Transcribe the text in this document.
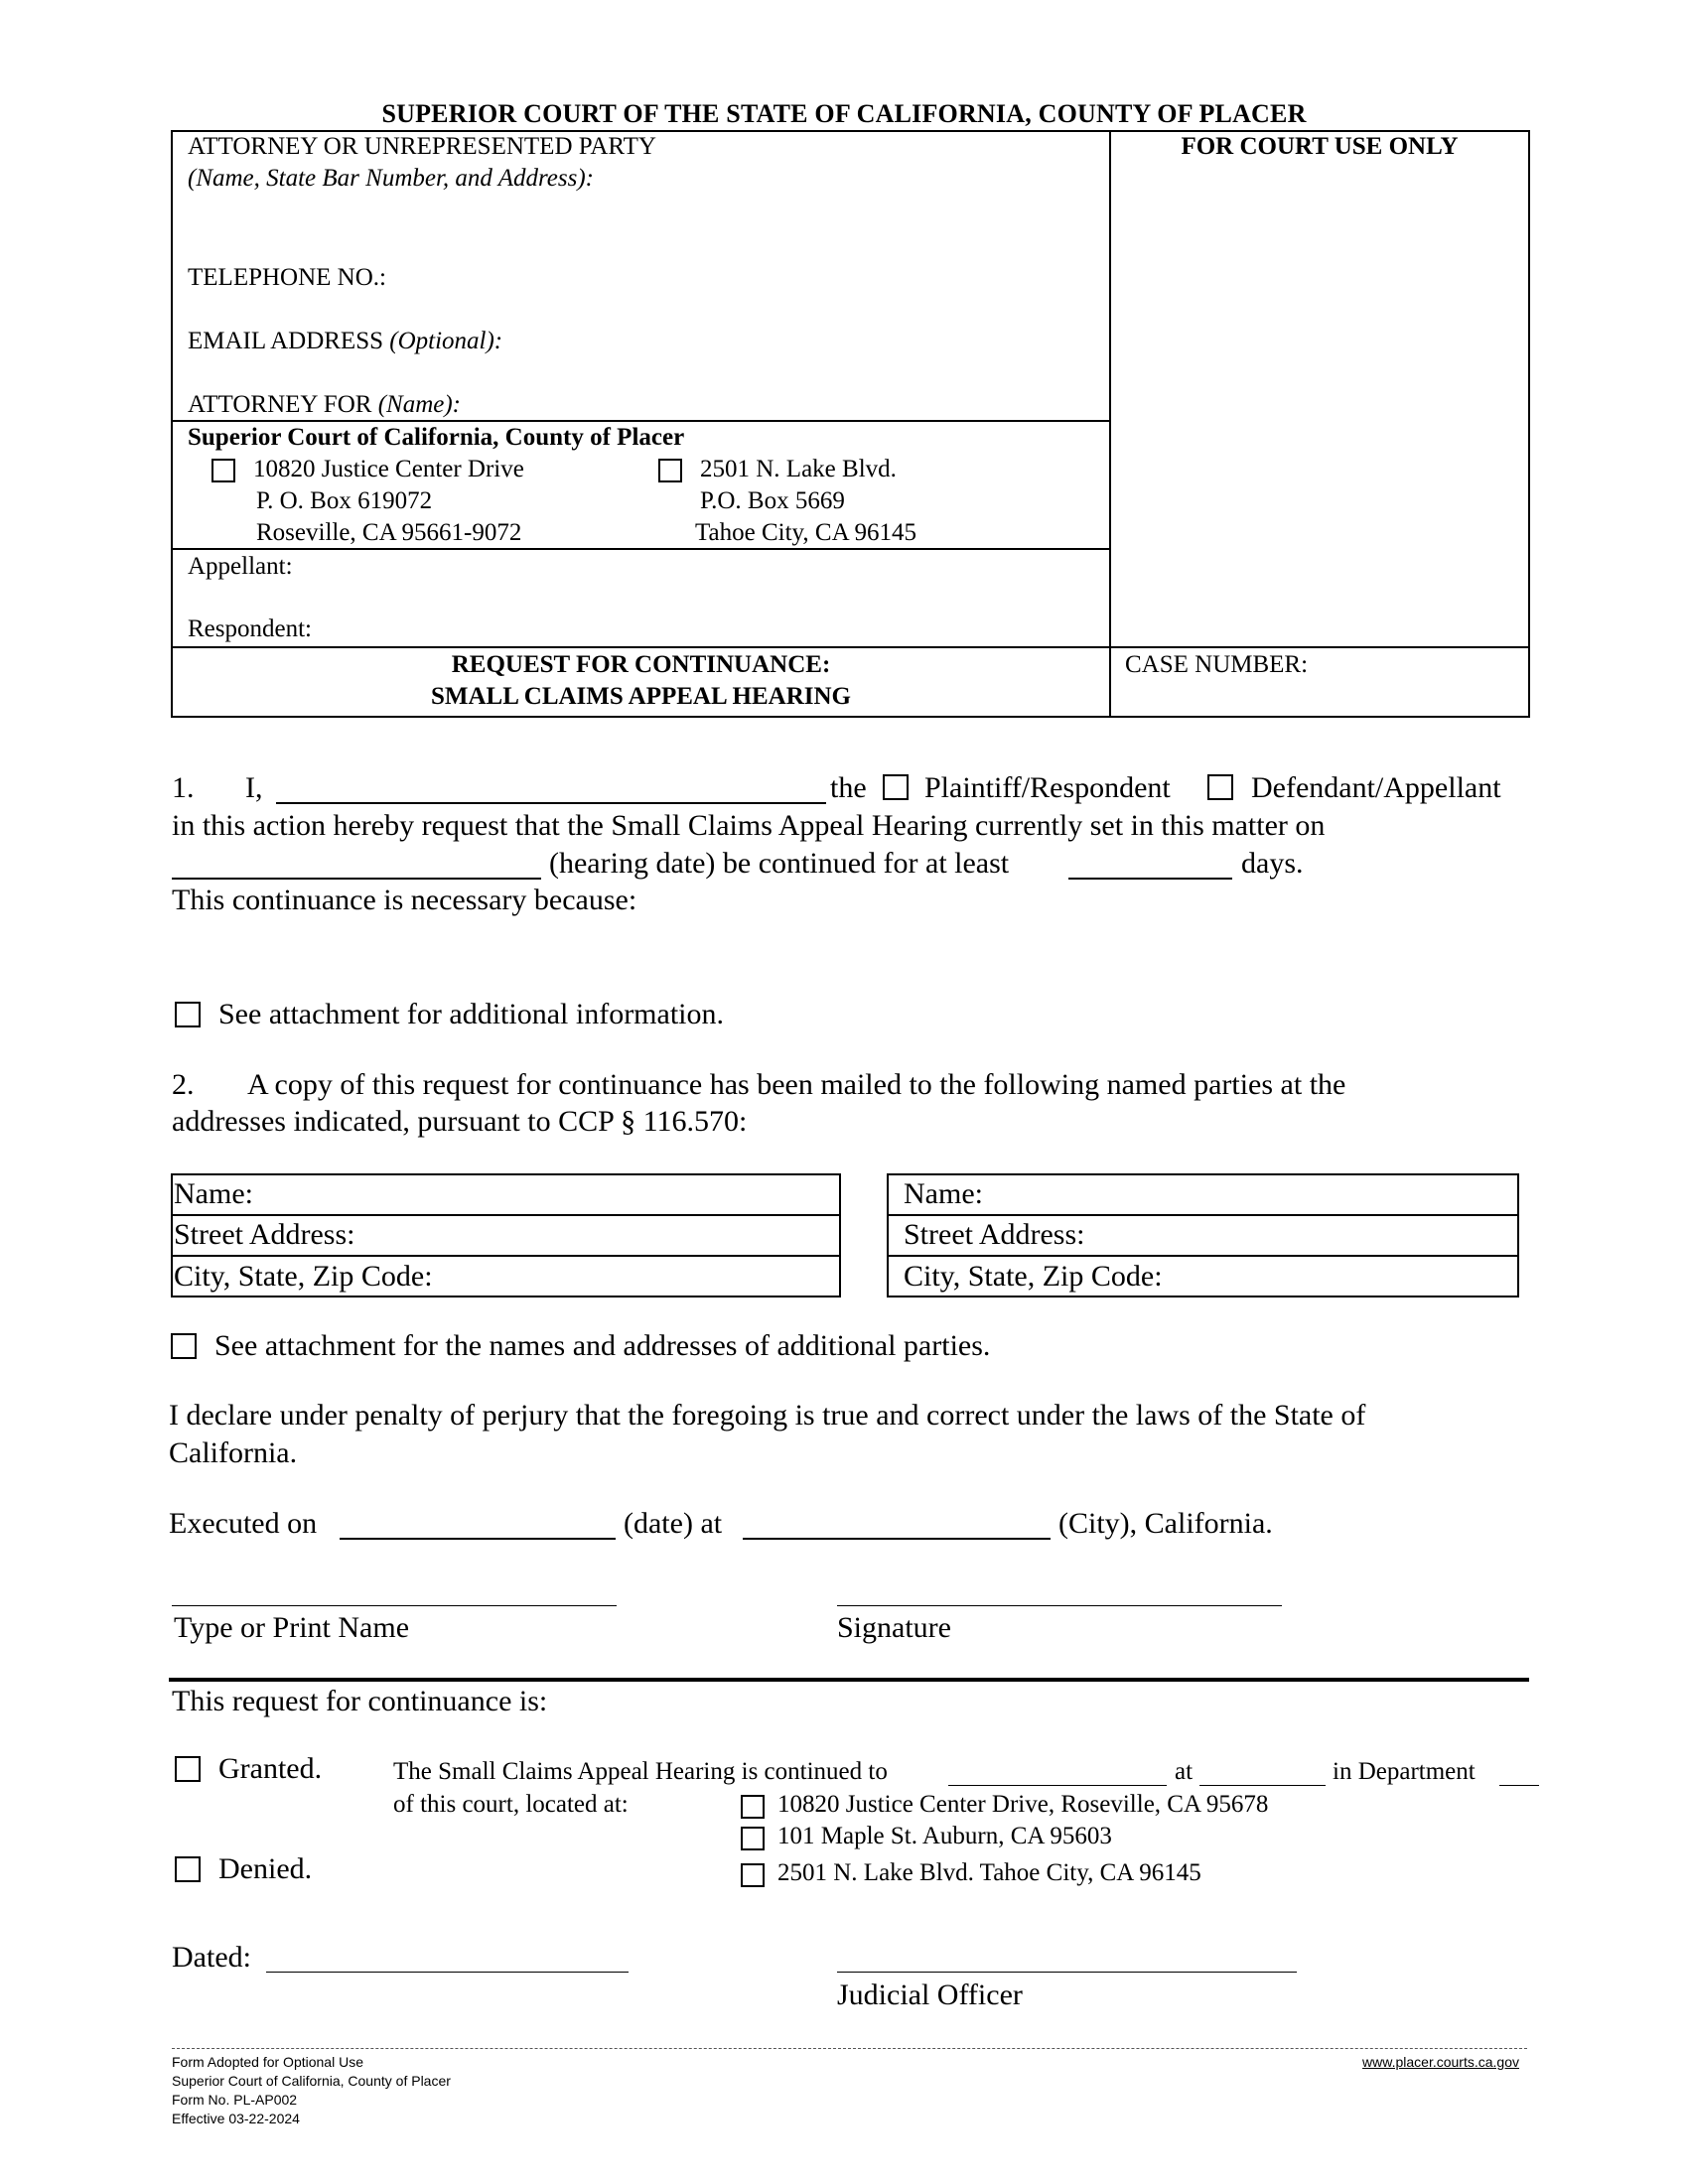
SUPERIOR COURT OF THE STATE OF CALIFORNIA, COUNTY OF PLACER
ATTORNEY OR UNREPRESENTED PARTY
(Name, State Bar Number, and Address):
TELEPHONE NO.:
EMAIL ADDRESS (Optional):
ATTORNEY FOR (Name):
FOR COURT USE ONLY
Superior Court of California, County of Placer
10820 Justice Center Drive
P. O. Box 619072
Roseville, CA 95661-9072
2501 N. Lake Blvd.
P.O. Box 5669
Tahoe City, CA 96145
Appellant:
Respondent:
REQUEST FOR CONTINUANCE:
SMALL CLAIMS APPEAL HEARING
CASE NUMBER:
1. I,	the Plaintiff/Respondent	Defendant/Appellant
in this action hereby request that the Small Claims Appeal Hearing currently set in this matter on
(hearing date) be continued for at least	days.
This continuance is necessary because:
See attachment for additional information.
2. A copy of this request for continuance has been mailed to the following named parties at the
addresses indicated, pursuant to CCP § 116.570:
Name:
Street Address:
City, State, Zip Code:
Name:
Street Address:
City, State, Zip Code:
See attachment for the names and addresses of additional parties.
I declare under penalty of perjury that the foregoing is true and correct under the laws of the State of
California.
Executed on	(date) at	(City), California.
Type or Print Name	Signature
This request for continuance is:
Granted.	The Small Claims Appeal Hearing is continued to	at	in Department
of this court, located at:	10820 Justice Center Drive, Roseville, CA 95678
101 Maple St. Auburn, CA 95603
2501 N. Lake Blvd. Tahoe City, CA 96145
Denied.
Dated:
Judicial Officer
Form Adopted for Optional Use
Superior Court of California, County of Placer
Form No. PL-AP002
Effective 03-22-2024
www.placer.courts.ca.gov
